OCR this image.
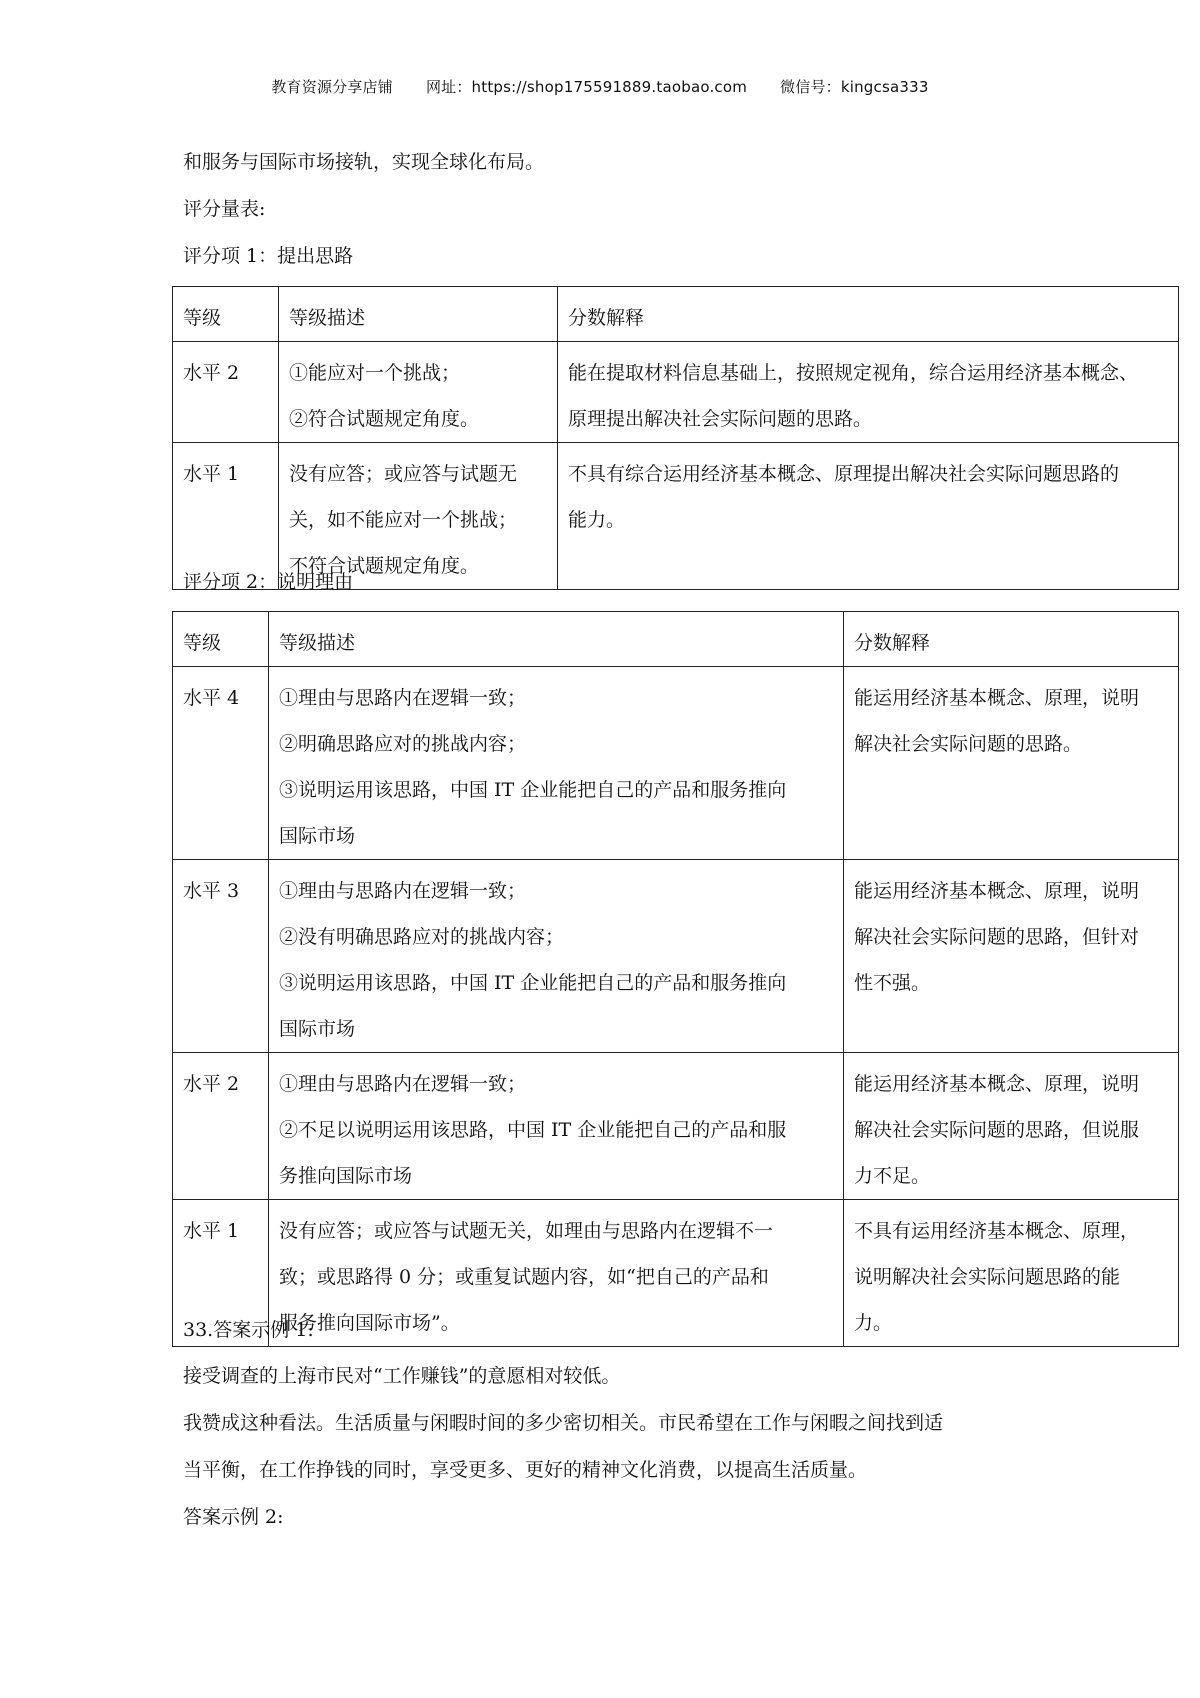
教育资源分享店铺 网址：https://shop175591889.taobao.com 微信号：kingcsa333
和服务与国际市场接轨，实现全球化布局。
评分量表:
评分项 1：提出思路
等级	等级描述	分数解释
水平 2	①能应对一个挑战；
②符合试题规定角度。	能在提取材料信息基础上，按照规定视角，综合运用经济基本概念、
原理提出解决社会实际问题的思路。

水平 1	没有应答；或应答与试题无
关，如不能应对一个挑战；
不符合试题规定角度。	不具有综合运用经济基本概念、原理提出解决社会实际问题思路的
能力。
评分项 2：说明理由
等级	等级描述	分数解释
水平 4	①理由与思路内在逻辑一致；
②明确思路应对的挑战内容；
③说明运用该思路，中国 IT 企业能把自己的产品和服务推向
国际市场	能运用经济基本概念、原理，说明
解决社会实际问题的思路。

水平 3	①理由与思路内在逻辑一致；
②没有明确思路应对的挑战内容；
③说明运用该思路，中国 IT 企业能把自己的产品和服务推向
国际市场	能运用经济基本概念、原理，说明
解决社会实际问题的思路，但针对
性不强。

水平 2	①理由与思路内在逻辑一致；
②不足以说明运用该思路，中国 IT 企业能把自己的产品和服
务推向国际市场	能运用经济基本概念、原理，说明
解决社会实际问题的思路，但说服
力不足。

水平 1	没有应答；或应答与试题无关，如理由与思路内在逻辑不一
致；或思路得 0 分；或重复试题内容，如“把自己的产品和
服务推向国际市场”。	不具有运用经济基本概念、原理，
说明解决社会实际问题思路的能
力。
33.答案示例 1:
接受调查的上海市民对“工作赚钱”的意愿相对较低。
我赞成这种看法。生活质量与闲暇时间的多少密切相关。市民希望在工作与闲暇之间找到适
当平衡，在工作挣钱的同时，享受更多、更好的精神文化消费，以提高生活质量。
答案示例 2:
